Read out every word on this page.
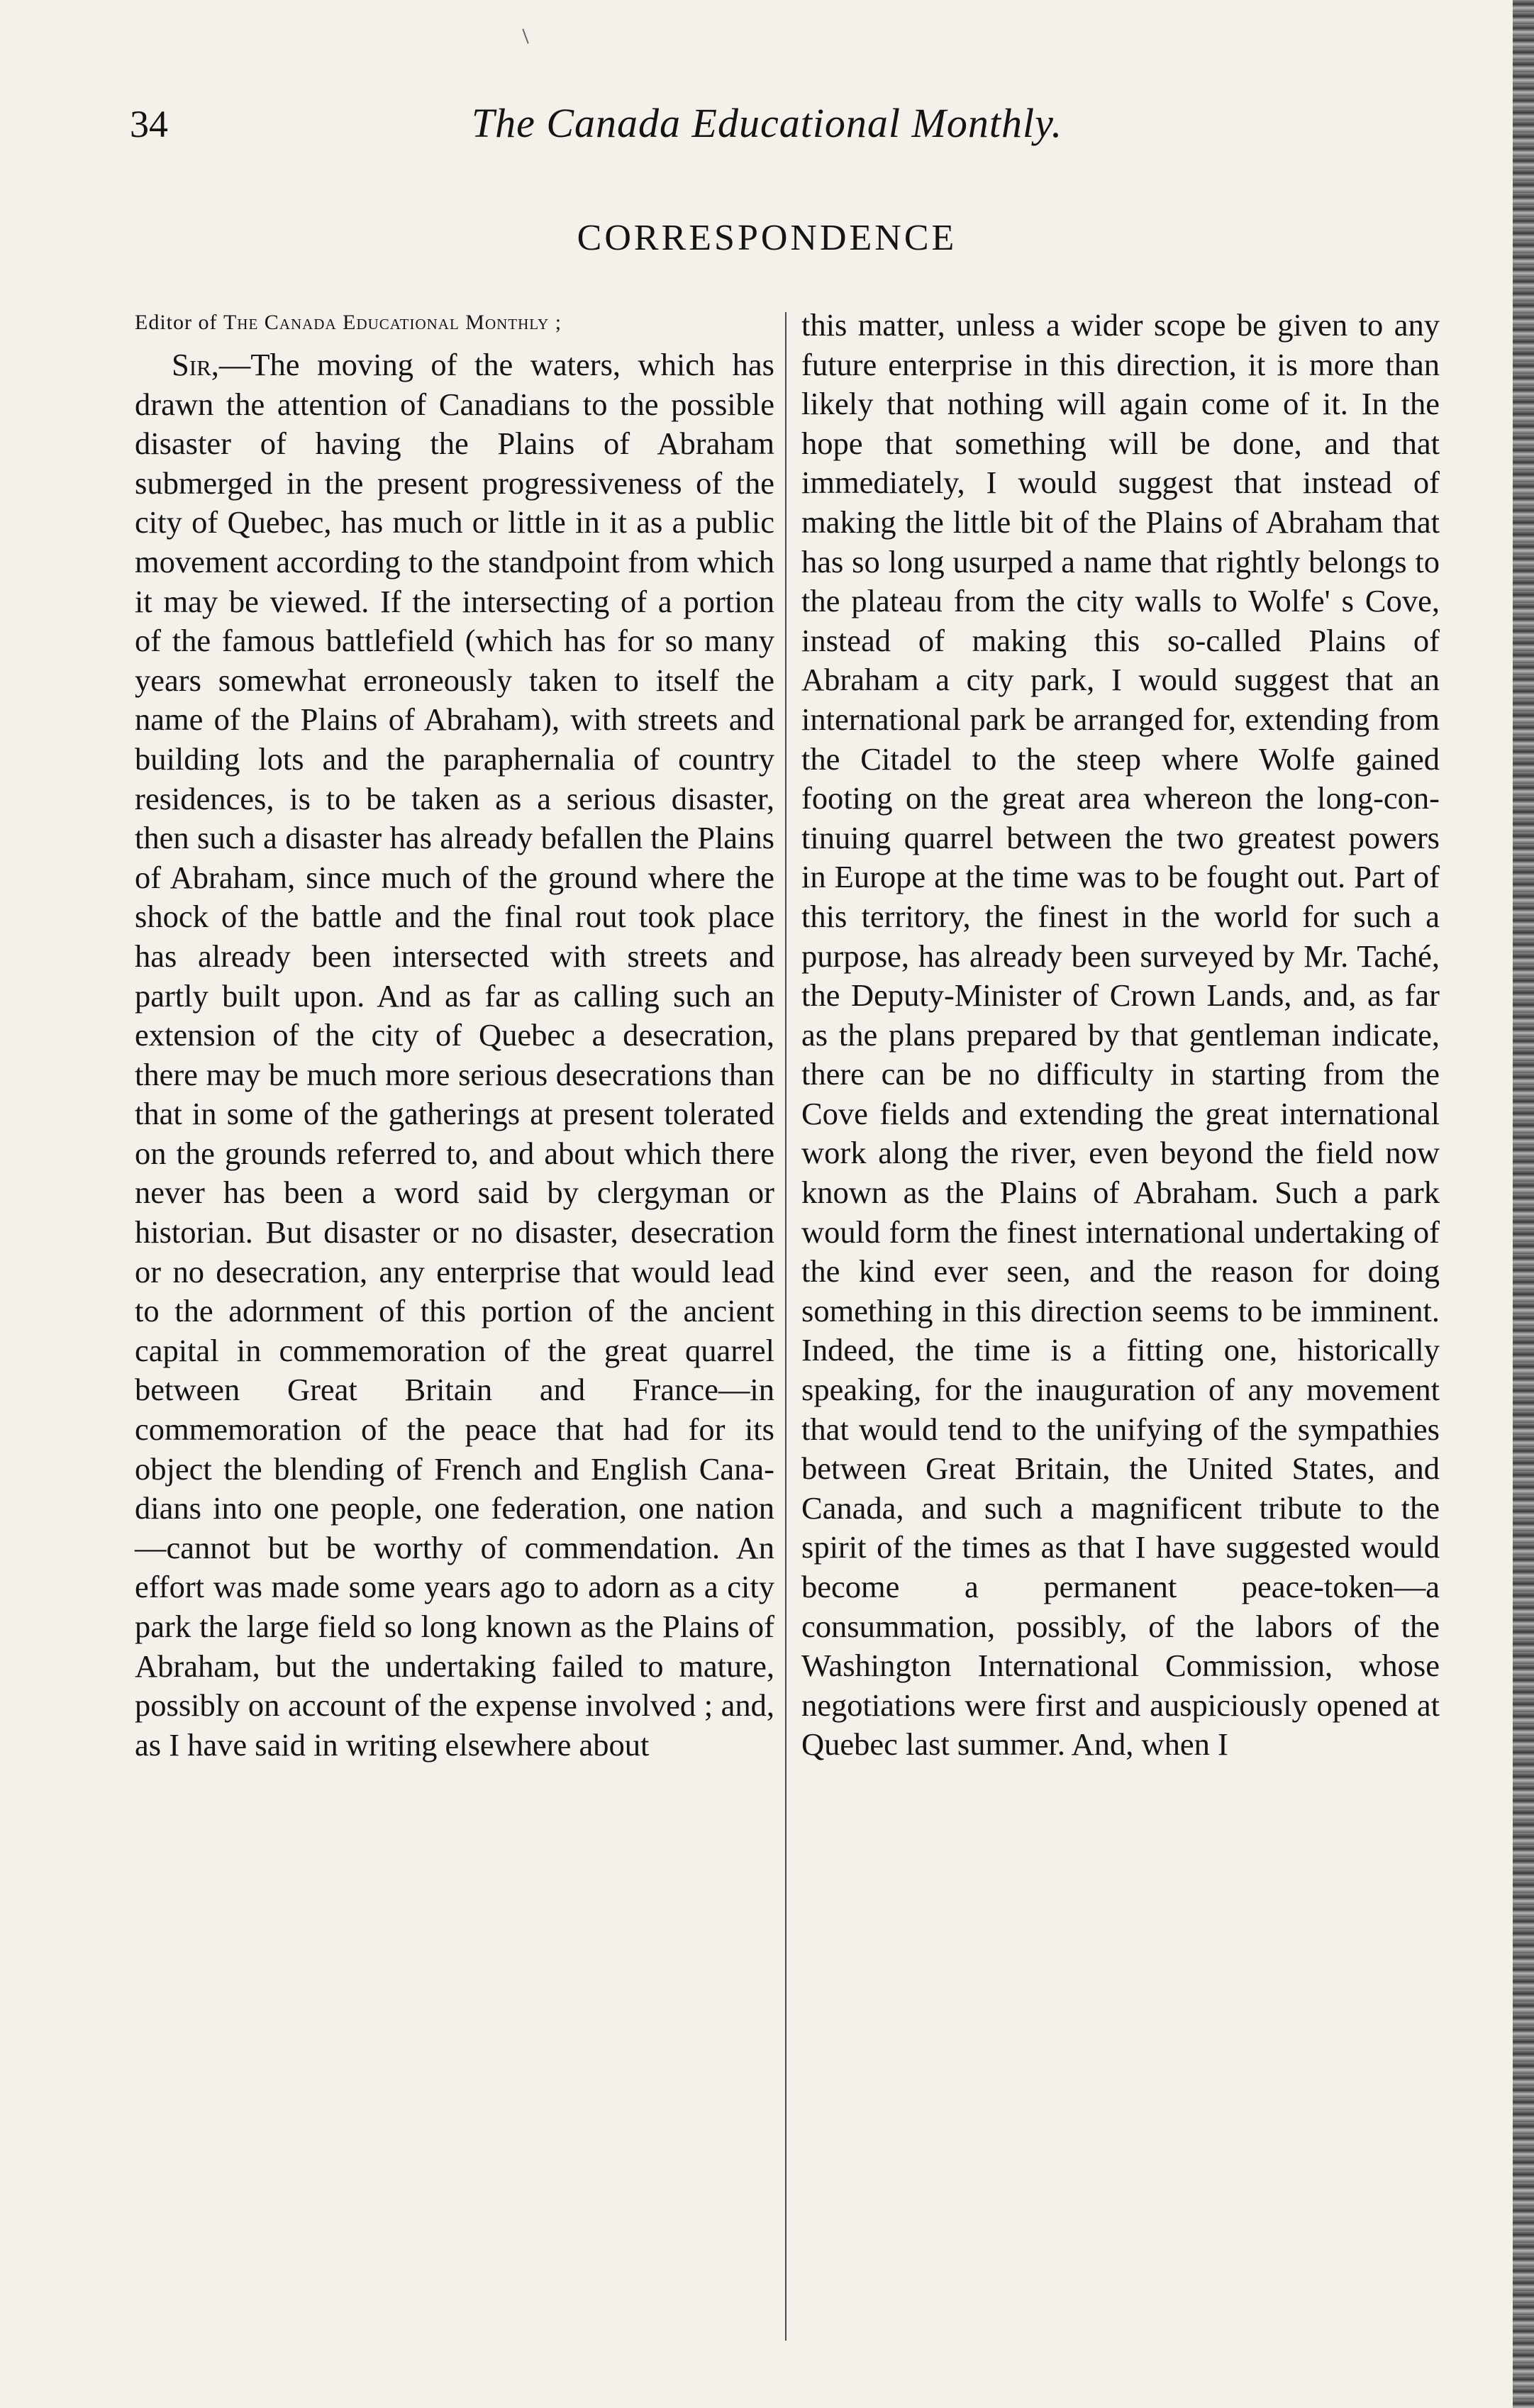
34	The Canada Educational Monthly.
CORRESPONDENCE
Editor of The Canada Educational Monthly ;

Sir,—The moving of the waters, which has drawn the attention of Canadians to the possible disaster of having the Plains of Abraham submerged in the present progressiveness of the city of Quebec, has much or little in it as a public movement according to the standpoint from which it may be viewed. If the intersecting of a portion of the famous battlefield (which has for so many years somewhat erroneously taken to itself the name of the Plains of Abraham), with streets and building lots and the paraphernalia of country residences, is to be taken as a serious disaster, then such a disaster has already befallen the Plains of Abraham, since much of the ground where the shock of the battle and the final rout took place has already been intersected with streets and partly built upon. And as far as calling such an extension of the city of Quebec a desecration, there may be much more serious desecrations than that in some of the gatherings at present tolerated on the grounds referred to, and about which there never has been a word said by clergyman or historian. But disaster or no disaster, desecration or no desecration, any enterprise that would lead to the adornment of this portion of the ancient capital in commemoration of the great quarrel between Great Britain and France—in commemoration of the peace that had for its object the blending of French and English Canadians into one people, one federation, one nation—cannot but be worthy of commendation. An effort was made some years ago to adorn as a city park the large field so long known as the Plains of Abraham, but the undertaking failed to mature, possibly on account of the expense involved ; and, as I have said in writing elsewhere about

this matter, unless a wider scope be given to any future enterprise in this direction, it is more than likely that nothing will again come of it. In the hope that something will be done, and that immediately, I would suggest that instead of making the little bit of the Plains of Abraham that has so long usurped a name that rightly belongs to the plateau from the city walls to Wolfe' s Cove, instead of making this so-called Plains of Abraham a city park, I would suggest that an international park be arranged for, extending from the Citadel to the steep where Wolfe gained footing on the great area whereon the long-continuing quarrel between the two greatest powers in Europe at the time was to be fought out. Part of this territory, the finest in the world for such a purpose, has already been surveyed by Mr. Taché, the Deputy-Minister of Crown Lands, and, as far as the plans prepared by that gentleman indicate, there can be no difficulty in starting from the Cove fields and extending the great international work along the river, even beyond the field now known as the Plains of Abraham. Such a park would form the finest international undertaking of the kind ever seen, and the reason for doing something in this direction seems to be imminent. Indeed, the time is a fitting one, historically speaking, for the inauguration of any movement that would tend to the unifying of the sympathies between Great Britain, the United States, and Canada, and such a magnificent tribute to the spirit of the times as that I have suggested would become a permanent peace-token—a consummation, possibly, of the labors of the Washington International Commission, whose negotiations were first and auspiciously opened at Quebec last summer. And, when I
